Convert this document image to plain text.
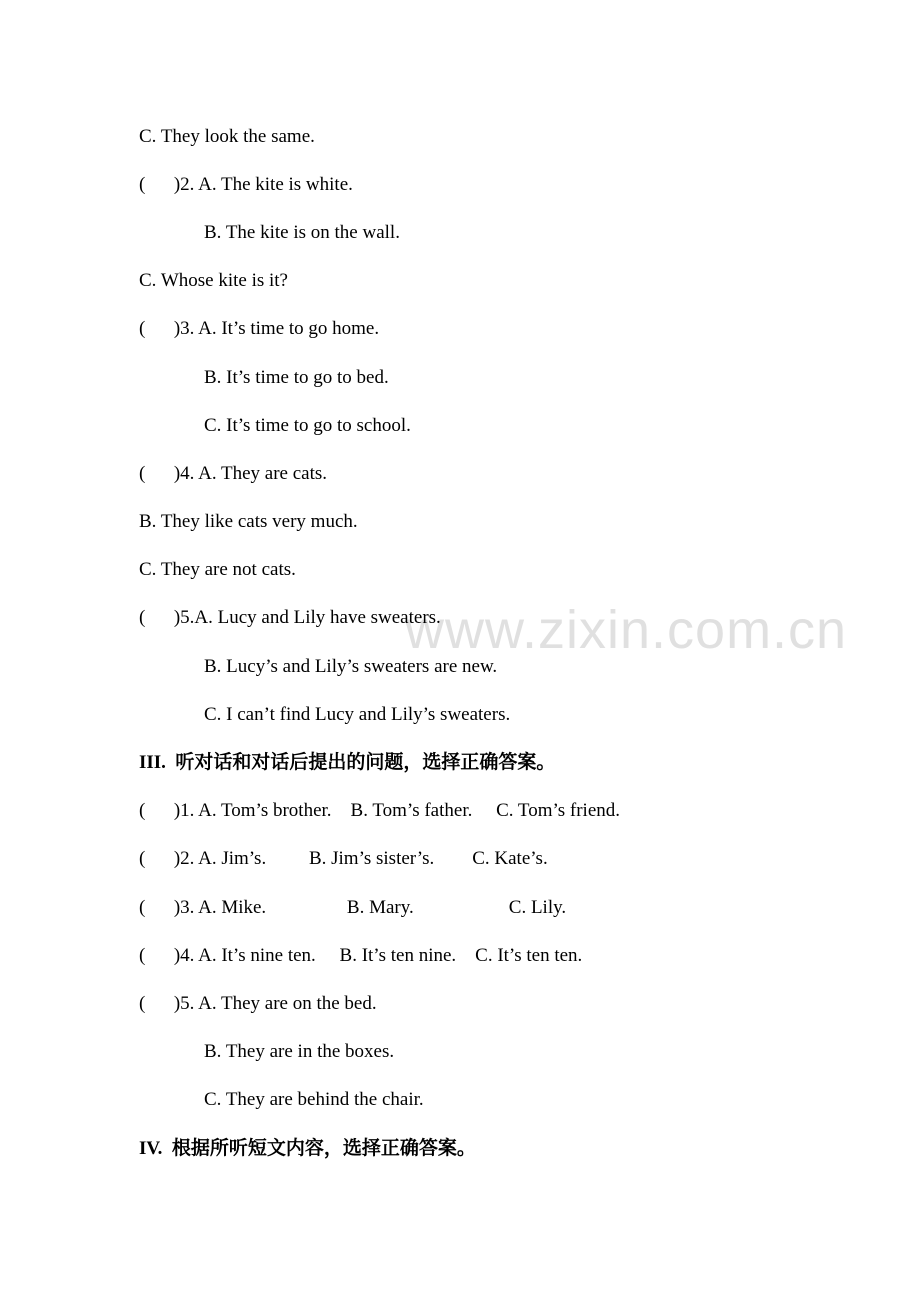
www.zixin.com.cn
C. They look the same.
(      )2. A. The kite is white.
B. The kite is on the wall.
C. Whose kite is it?
(      )3. A. It’s time to go home.
B. It’s time to go to bed.
C. It’s time to go to school.
(      )4. A. They are cats.
B. They like cats very much.
C. They are not cats.
(      )5.A. Lucy and Lily have sweaters.
B. Lucy’s and Lily’s sweaters are new.
C. I can’t find Lucy and Lily’s sweaters.
III.  听对话和对话后提出的问题，选择正确答案。
(      )1. A. Tom’s brother.    B. Tom’s father.     C. Tom’s friend.
(      )2. A. Jim’s.         B. Jim’s sister’s.        C. Kate’s.
(      )3. A. Mike.                 B. Mary.                    C. Lily.
(      )4. A. It’s nine ten.     B. It’s ten nine.    C. It’s ten ten.
(      )5. A. They are on the bed.
B. They are in the boxes.
C. They are behind the chair.
IV.  根据所听短文内容，选择正确答案。
